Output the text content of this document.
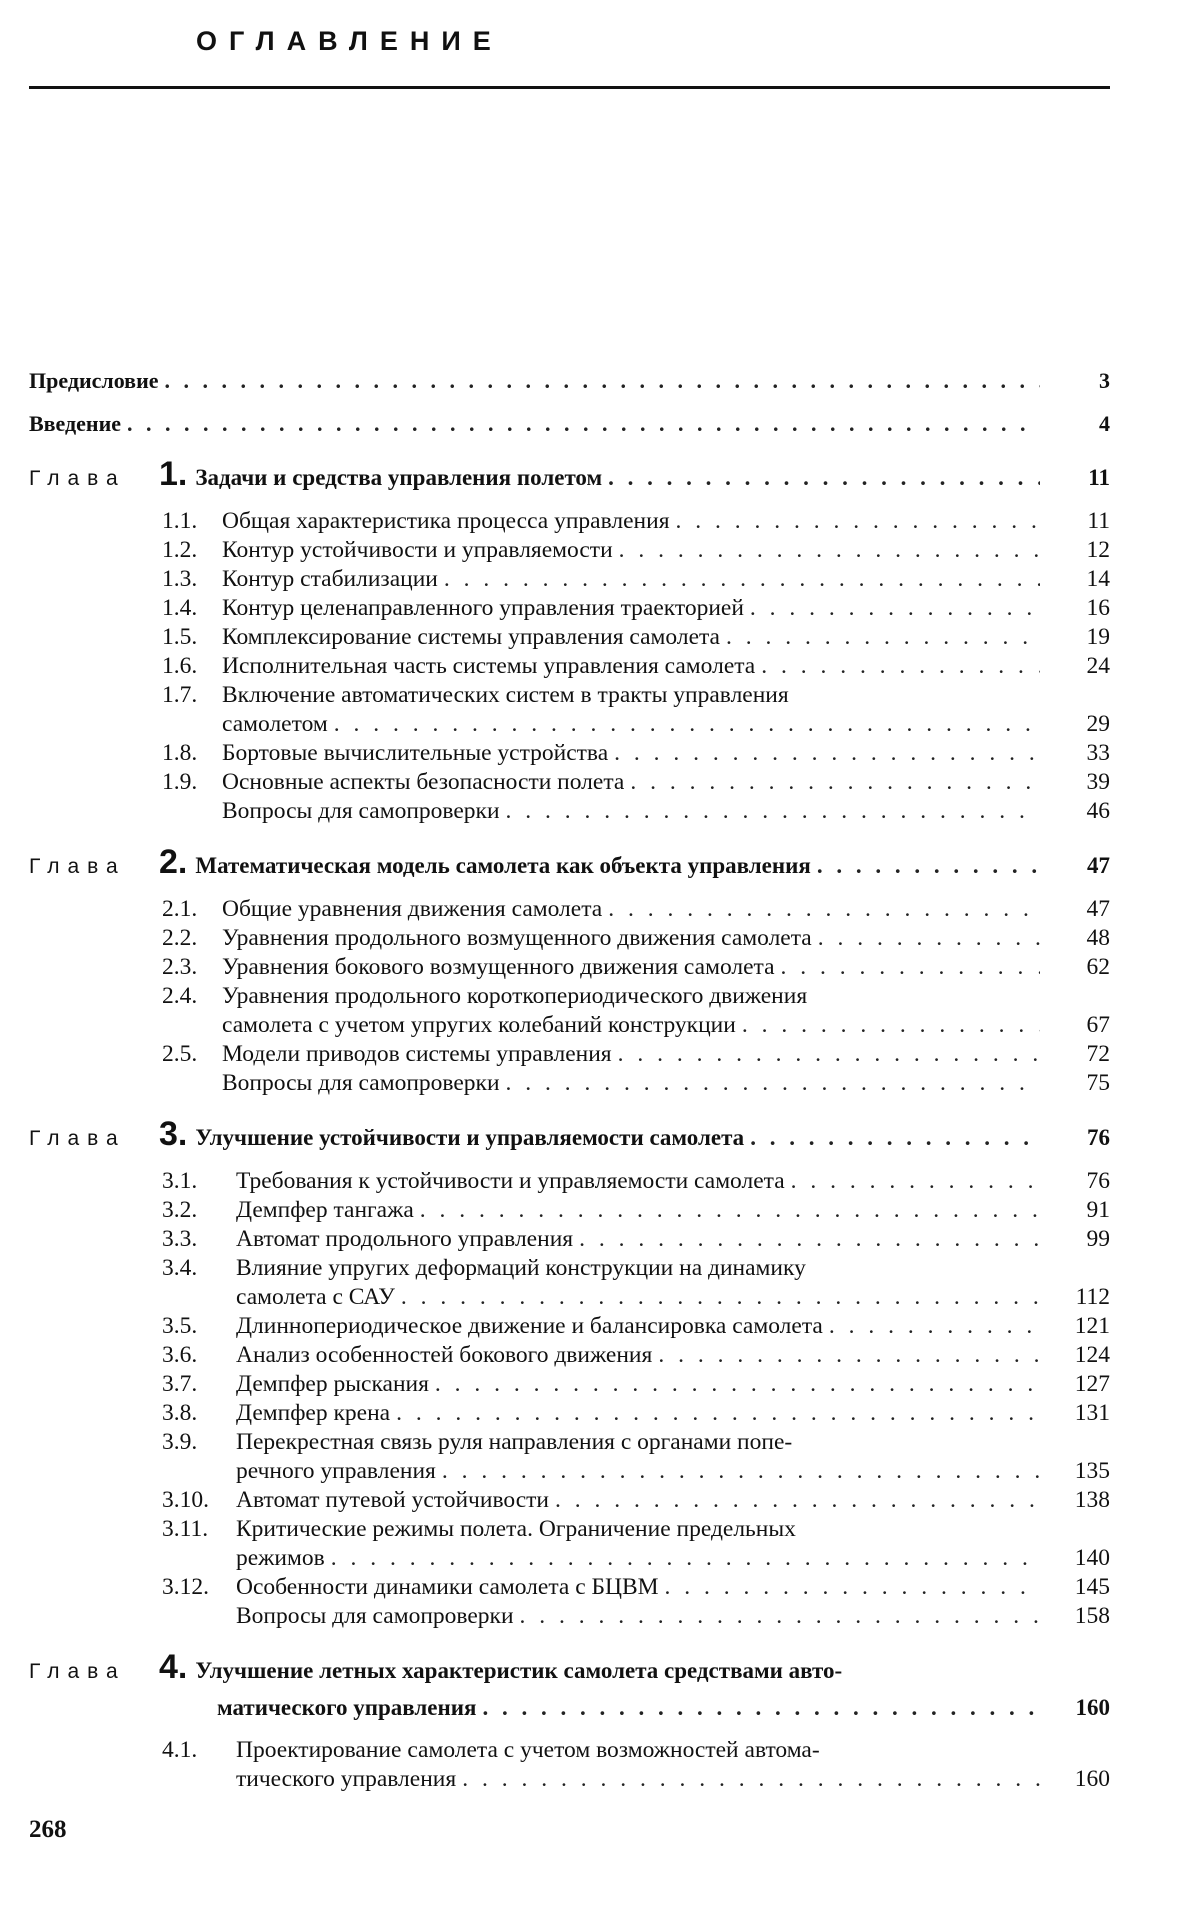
ОГЛАВЛЕНИЕ
Предисловие . . .	3
Введение . . .	4
Глава 1. Задачи и средства управления полетом . . .	11
1.1.	Общая характеристика процесса управления . . .	11
1.2.	Контур устойчивости и управляемости . . .	12
1.3.	Контур стабилизации . . .	14
1.4.	Контур целенаправленного управления траекторией . . .	16
1.5.	Комплексирование системы управления самолета . . .	19
1.6.	Исполнительная часть системы управления самолета . . .	24
1.7.	Включение автоматических систем в тракты управления
самолетом . . .	29
1.8.	Бортовые вычислительные устройства . . .	33
1.9.	Основные аспекты безопасности полета . . .	39
Вопросы для самопроверки . . .	46
Глава 2. Математическая модель самолета как объекта управления . . .	47
2.1.	Общие уравнения движения самолета . . .	47
2.2.	Уравнения продольного возмущенного движения самолета . . .	48
2.3.	Уравнения бокового возмущенного движения самолета . . .	62
2.4.	Уравнения продольного короткопериодического движения
самолета с учетом упругих колебаний конструкции . . .	67
2.5.	Модели приводов системы управления . . .	72
Вопросы для самопроверки . . .	75
Глава 3. Улучшение устойчивости и управляемости самолета . . .	76
3.1.	Требования к устойчивости и управляемости самолета . . .	76
3.2.	Демпфер тангажа . . .	91
3.3.	Автомат продольного управления . . .	99
3.4.	Влияние упругих деформаций конструкции на динамику
самолета с САУ . . .	112
3.5.	Длиннопериодическое движение и балансировка самолета . . .	121
3.6.	Анализ особенностей бокового движения . . .	124
3.7.	Демпфер рыскания . . .	127
3.8.	Демпфер крена . . .	131
3.9.	Перекрестная связь руля направления с органами попе-
речного управления . . .	135
3.10.	Автомат путевой устойчивости . . .	138
3.11.	Критические режимы полета. Ограничение предельных
режимов . . .	140
3.12.	Особенности динамики самолета с БЦВМ . . .	145
Вопросы для самопроверки . . .	158
Глава 4. Улучшение летных характеристик самолета средствами авто-
матического управления . . .	160
4.1.	Проектирование самолета с учетом возможностей автома-
тического управления . . .	160
268
